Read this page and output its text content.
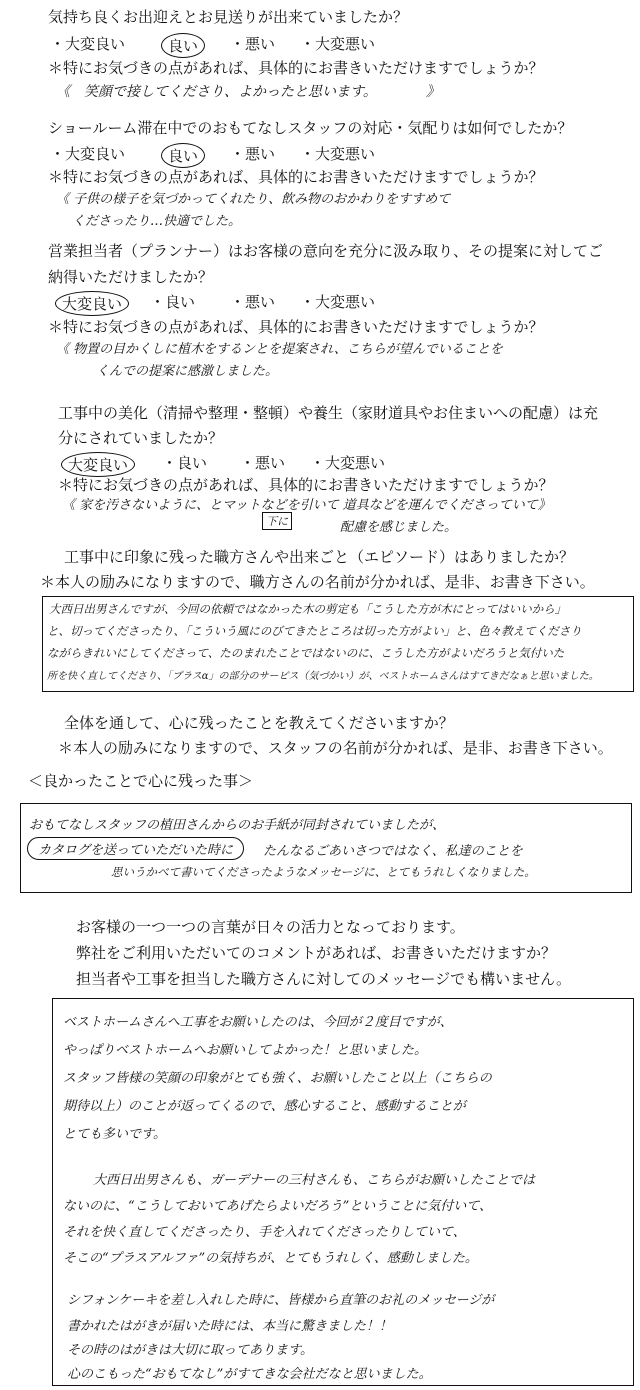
気持ち良くお出迎えとお見送りが出来ていましたか？
・大変良い	良い	・悪い ・大変悪い
＊特にお気づきの点があれば、具体的にお書きいただけますでしょうか？
《　笑顔で接してくださり、よかったと思います。　　　　》
ショールーム滞在中でのおもてなしスタッフの対応・気配りは如何でしたか？
・大変良い	良い	・悪い ・大変悪い
＊特にお気づきの点があれば、具体的にお書きいただけますでしょうか？
《 子供の様子を気づかってくれたり、飲み物のおかわりをすすめて
くださったり…快適でした。
営業担当者（プランナー）はお客様の意向を充分に汲み取り、その提案に対してご
納得いただけましたか？
大変良い	・良い ・悪い ・大変悪い
＊特にお気づきの点があれば、具体的にお書きいただけますでしょうか？
《 物置の目かくしに植木をするンとを提案され、こちらが望んでいることを
くんでの提案に感激しました。
工事中の美化（清掃や整理・整頓）や養生（家財道具やお住まいへの配慮）は充
分にされていましたか？
大変良い	・良い ・悪い ・大変悪い
＊特にお気づきの点があれば、具体的にお書きいただけますでしょうか？
《 家を汚さないように、とマットなどを引いて 道具などを運んでくださっていて》
下に	配慮を感じました。
工事中に印象に残った職方さんや出来ごと（エピソード）はありましたか？
＊本人の励みになりますので、職方さんの名前が分かれば、是非、お書き下さい。
大西日出男さんですが、今回の依頼ではなかった木の剪定も「こうした方が木にとってはいいから」
と、切ってくださったり、「こういう風にのびてきたところは切った方がよい」と、色々教えてくださり
ながらきれいにしてくださって、たのまれたことではないのに、こうした方がよいだろうと気付いた
所を快く直してくださり、「プラスα」の部分のサービス（気づかい）が、ベストホームさんはすてきだなぁと思いました。
全体を通して、心に残ったことを教えてくださいますか？
＊本人の励みになりますので、スタッフの名前が分かれば、是非、お書き下さい。
＜良かったことで心に残った事＞
おもてなしスタッフの植田さんからのお手紙が同封されていましたが、
カタログを送っていただいた時に	たんなるごあいさつではなく、私達のことを
思いうかべて書いてくださったようなメッセージに、とてもうれしくなりました。
お客様の一つ一つの言葉が日々の活力となっております。
弊社をご利用いただいてのコメントがあれば、お書きいただけますか？
担当者や工事を担当した職方さんに対してのメッセージでも構いません。
ベストホームさんへ工事をお願いしたのは、今回が２度目ですが、
やっぱりベストホームへお願いしてよかった！と思いました。
スタッフ皆様の笑顔の印象がとても強く、お願いしたこと以上（こちらの
期待以上）のことが返ってくるので、感心すること、感動することが
とても多いです。
大西日出男さんも、ガーデナーの三村さんも、こちらがお願いしたことでは
ないのに、“こうしておいてあげたらよいだろう”ということに気付いて、
それを快く直してくださったり、手を入れてくださったりしていて、
そこの“プラスアルファ”の気持ちが、とてもうれしく、感動しました。
シフォンケーキを差し入れした時に、皆様から直筆のお礼のメッセージが
書かれたはがきが届いた時には、本当に驚きました！！
その時のはがきは大切に取ってあります。
心のこもった“おもてなし”がすてきな会社だなと思いました。
